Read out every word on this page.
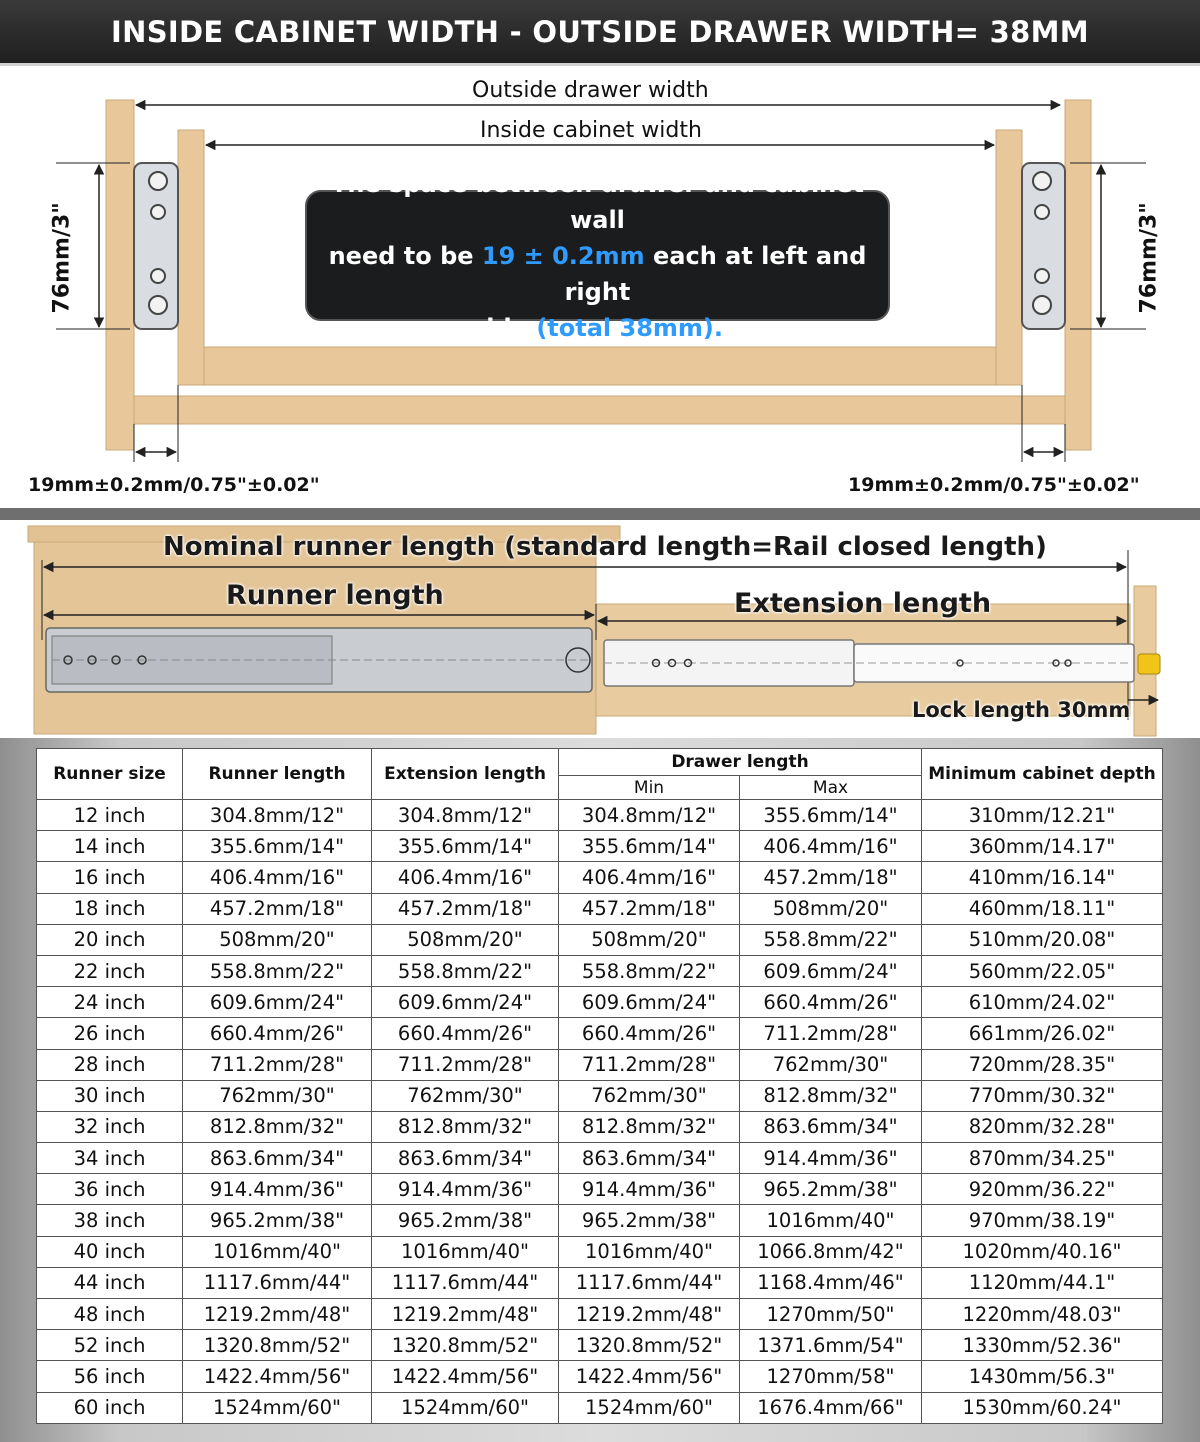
INSIDE CABINET WIDTH - OUTSIDE DRAWER WIDTH= 38MM
Outside drawer width
Inside cabinet width
76mm/3"	76mm/3"
19mm±0.2mm/0.75"±0.02"	19mm±0.2mm/0.75"±0.02"
The space between drawer and cabinet wall
need to be 19 ± 0.2mm each at left and right
side (total 38mm).
Nominal runner length (standard length=Rail closed length)
Runner length	Extension length
Lock length 30mm
Runner size	Runner length	Extension length	Drawer length		Minimum cabinet depth
			Min	Max	
12 inch	304.8mm/12"	304.8mm/12"	304.8mm/12"	355.6mm/14"	310mm/12.21"
14 inch	355.6mm/14"	355.6mm/14"	355.6mm/14"	406.4mm/16"	360mm/14.17"
16 inch	406.4mm/16"	406.4mm/16"	406.4mm/16"	457.2mm/18"	410mm/16.14"
18 inch	457.2mm/18"	457.2mm/18"	457.2mm/18"	508mm/20"	460mm/18.11"
20 inch	508mm/20"	508mm/20"	508mm/20"	558.8mm/22"	510mm/20.08"
22 inch	558.8mm/22"	558.8mm/22"	558.8mm/22"	609.6mm/24"	560mm/22.05"
24 inch	609.6mm/24"	609.6mm/24"	609.6mm/24"	660.4mm/26"	610mm/24.02"
26 inch	660.4mm/26"	660.4mm/26"	660.4mm/26"	711.2mm/28"	661mm/26.02"
28 inch	711.2mm/28"	711.2mm/28"	711.2mm/28"	762mm/30"	720mm/28.35"
30 inch	762mm/30"	762mm/30"	762mm/30"	812.8mm/32"	770mm/30.32"
32 inch	812.8mm/32"	812.8mm/32"	812.8mm/32"	863.6mm/34"	820mm/32.28"
34 inch	863.6mm/34"	863.6mm/34"	863.6mm/34"	914.4mm/36"	870mm/34.25"
36 inch	914.4mm/36"	914.4mm/36"	914.4mm/36"	965.2mm/38"	920mm/36.22"
38 inch	965.2mm/38"	965.2mm/38"	965.2mm/38"	1016mm/40"	970mm/38.19"
40 inch	1016mm/40"	1016mm/40"	1016mm/40"	1066.8mm/42"	1020mm/40.16"
44 inch	1117.6mm/44"	1117.6mm/44"	1117.6mm/44"	1168.4mm/46"	1120mm/44.1"
48 inch	1219.2mm/48"	1219.2mm/48"	1219.2mm/48"	1270mm/50"	1220mm/48.03"
52 inch	1320.8mm/52"	1320.8mm/52"	1320.8mm/52"	1371.6mm/54"	1330mm/52.36"
56 inch	1422.4mm/56"	1422.4mm/56"	1422.4mm/56"	1270mm/58"	1430mm/56.3"
60 inch	1524mm/60"	1524mm/60"	1524mm/60"	1676.4mm/66"	1530mm/60.24"
